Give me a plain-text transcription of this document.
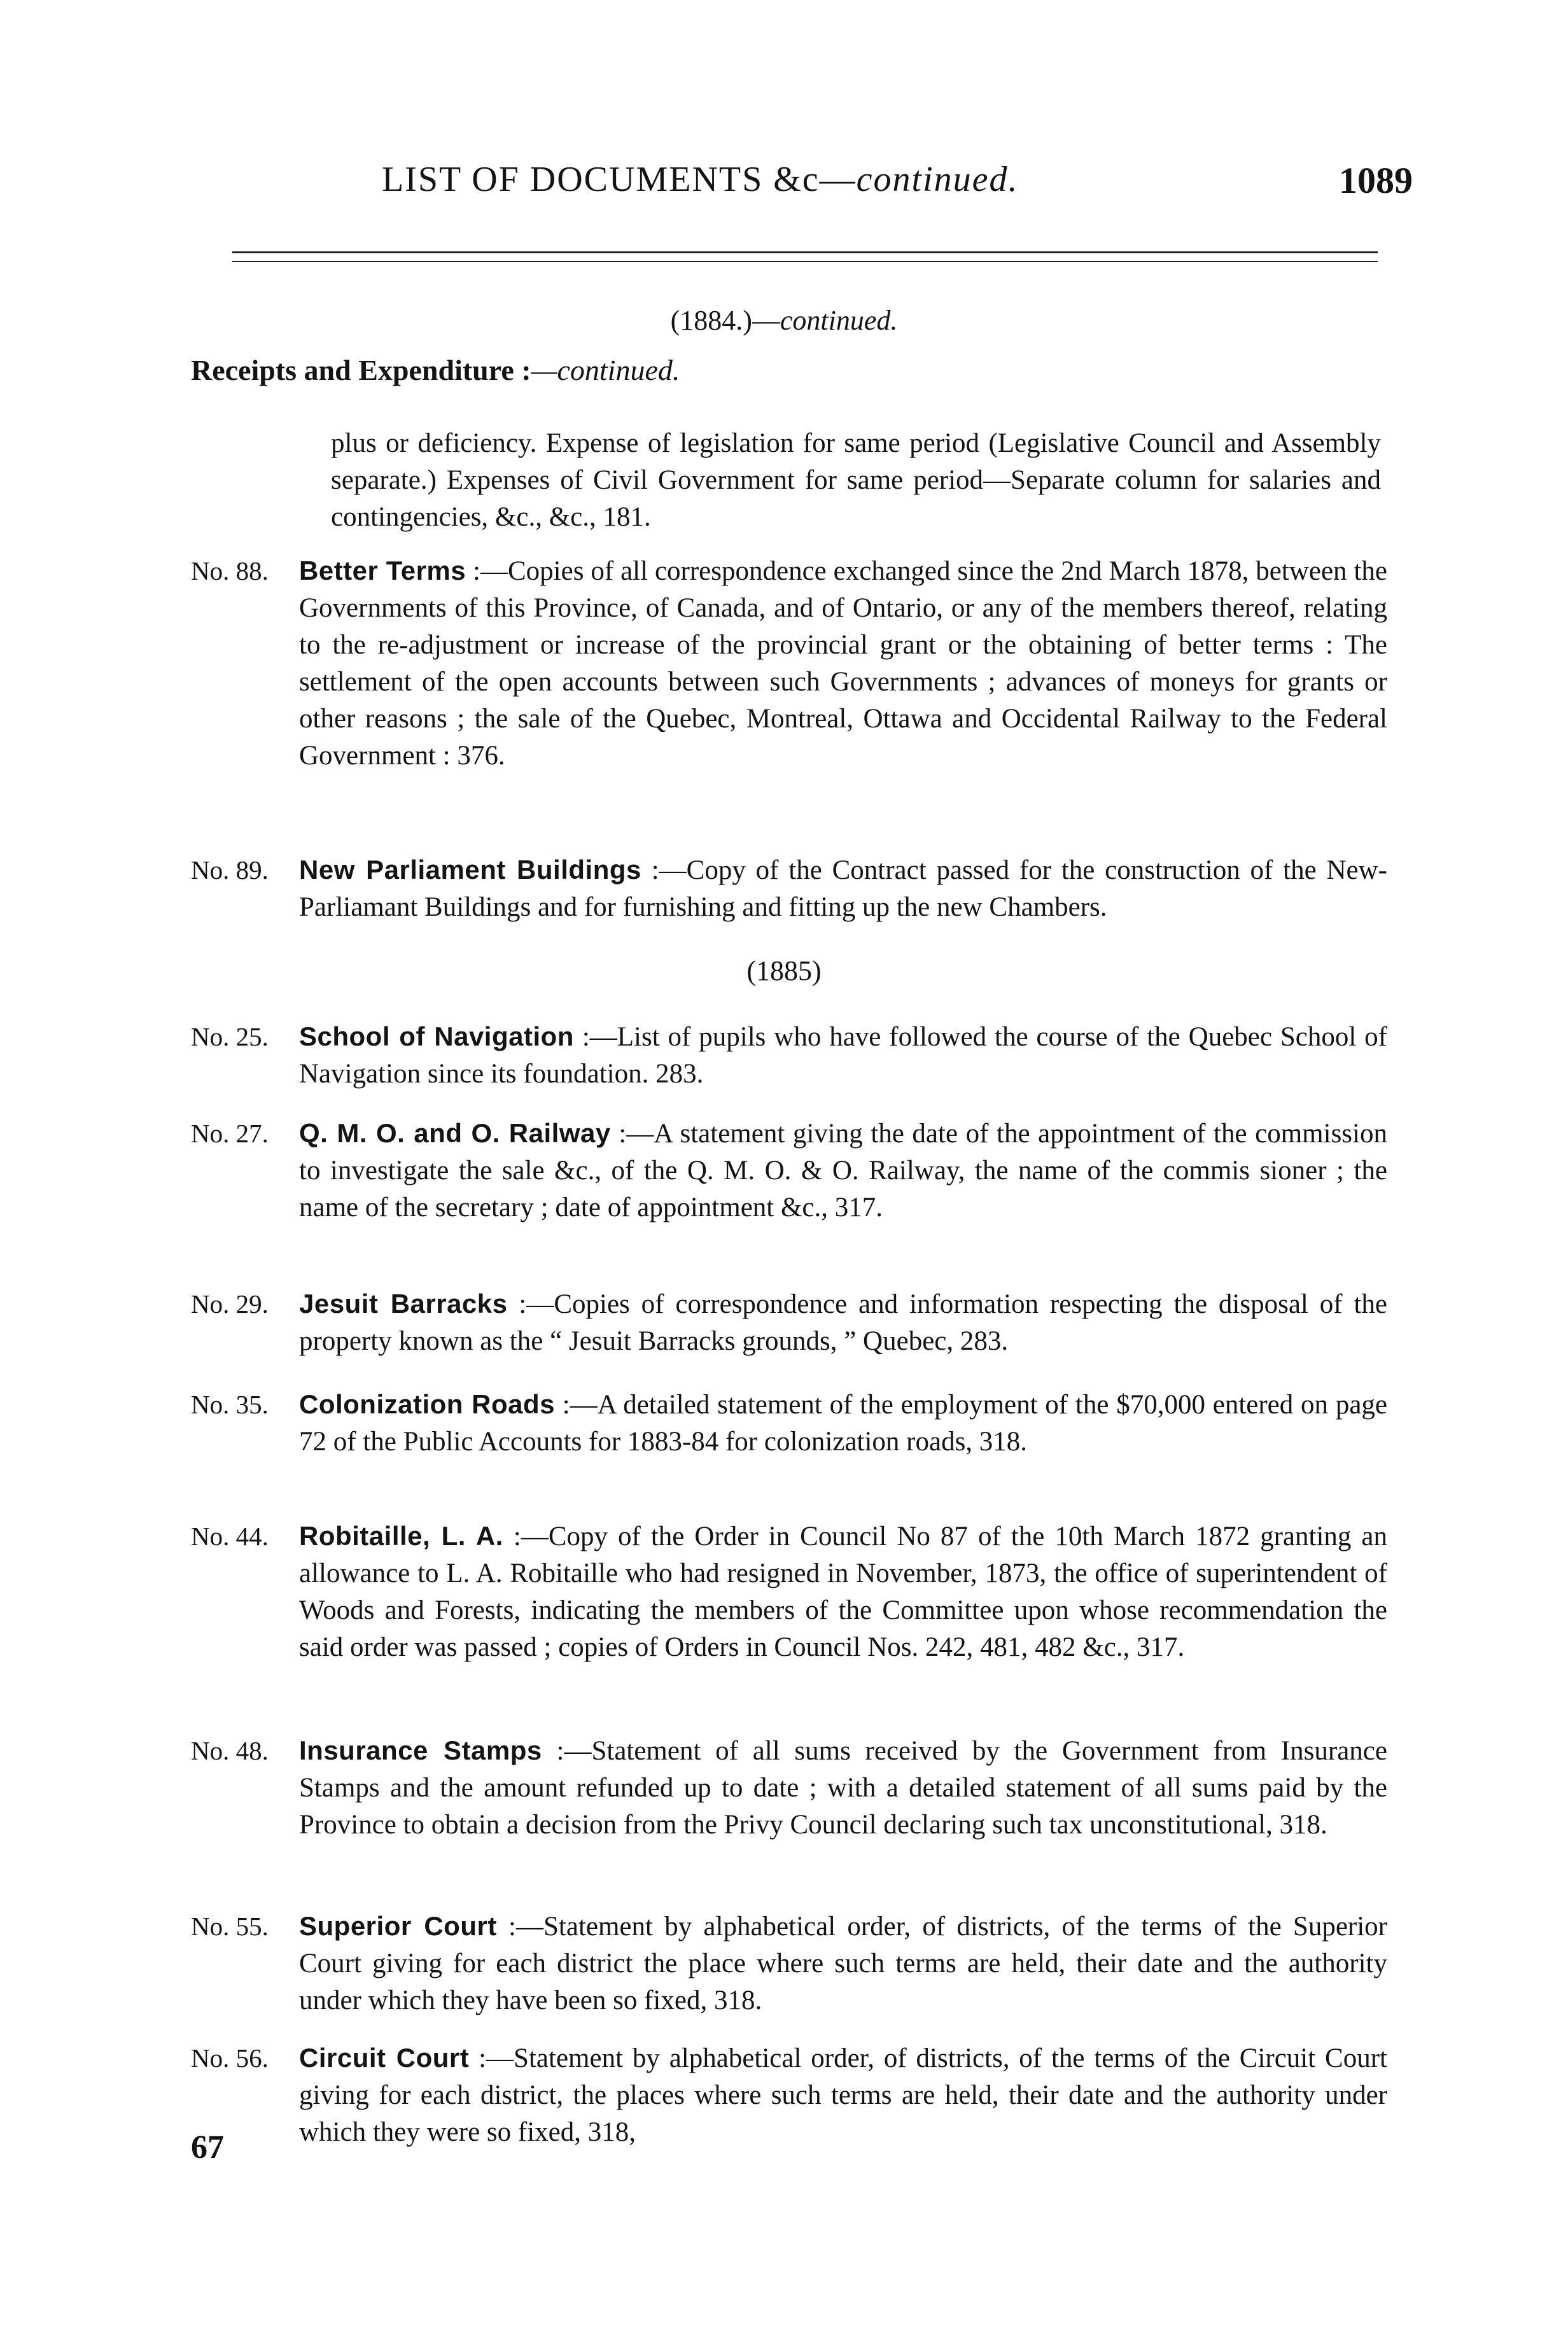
LIST OF DOCUMENTS &c—continued.	1089
(1884.)—continued.
Receipts and Expenditure :—continued.
plus or deficiency. Expense of legislation for same period (Legislative Council and Assembly separate.) Expenses of Civil Government for same period—Separate column for salaries and contingencies, &c., &c., 181.
No. 88. Better Terms :—Copies of all correspondence exchanged since the 2nd March 1878, between the Governments of this Province, of Canada, and of Ontario, or any of the members thereof, relating to the re-adjustment or increase of the provincial grant or the obtaining of better terms : The settlement of the open accounts between such Governments ; advances of moneys for grants or other reasons ; the sale of the Quebec, Montreal, Ottawa and Occidental Railway to the Federal Government : 376.
No. 89. New Parliament Buildings :—Copy of the Contract passed for the construction of the New-Parliamant Buildings and for furnishing and fitting up the new Chambers.
(1885)
No. 25. School of Navigation :—List of pupils who have followed the course of the Quebec School of Navigation since its foundation. 283.
No. 27. Q. M. O. and O. Railway :—A statement giving the date of the appointment of the commission to investigate the sale &c., of the Q. M. O. & O. Railway, the name of the commis sioner ; the name of the secretary ; date of appointment &c., 317.
No. 29. Jesuit Barracks :—Copies of correspondence and information respecting the disposal of the property known as the “ Jesuit Barracks grounds, ” Quebec, 283.
No. 35. Colonization Roads :—A detailed statement of the employment of the $70,000 entered on page 72 of the Public Accounts for 1883-84 for colonization roads, 318.
No. 44. Robitaille, L. A. :—Copy of the Order in Council No 87 of the 10th March 1872 granting an allowance to L. A. Robitaille who had resigned in November, 1873, the office of superintendent of Woods and Forests, indicating the members of the Committee upon whose recommendation the said order was passed ; copies of Orders in Council Nos. 242, 481, 482 &c., 317.
No. 48. Insurance Stamps :—Statement of all sums received by the Government from Insurance Stamps and the amount refunded up to date ; with a detailed statement of all sums paid by the Province to obtain a decision from the Privy Council declaring such tax unconstitutional, 318.
No. 55. Superior Court :—Statement by alphabetical order, of districts, of the terms of the Superior Court giving for each district the place where such terms are held, their date and the authority under which they have been so fixed, 318.
No. 56. Circuit Court :—Statement by alphabetical order, of districts, of the terms of the Circuit Court giving for each district, the places where such terms are held, their date and the authority under which they were so fixed, 318,
67
